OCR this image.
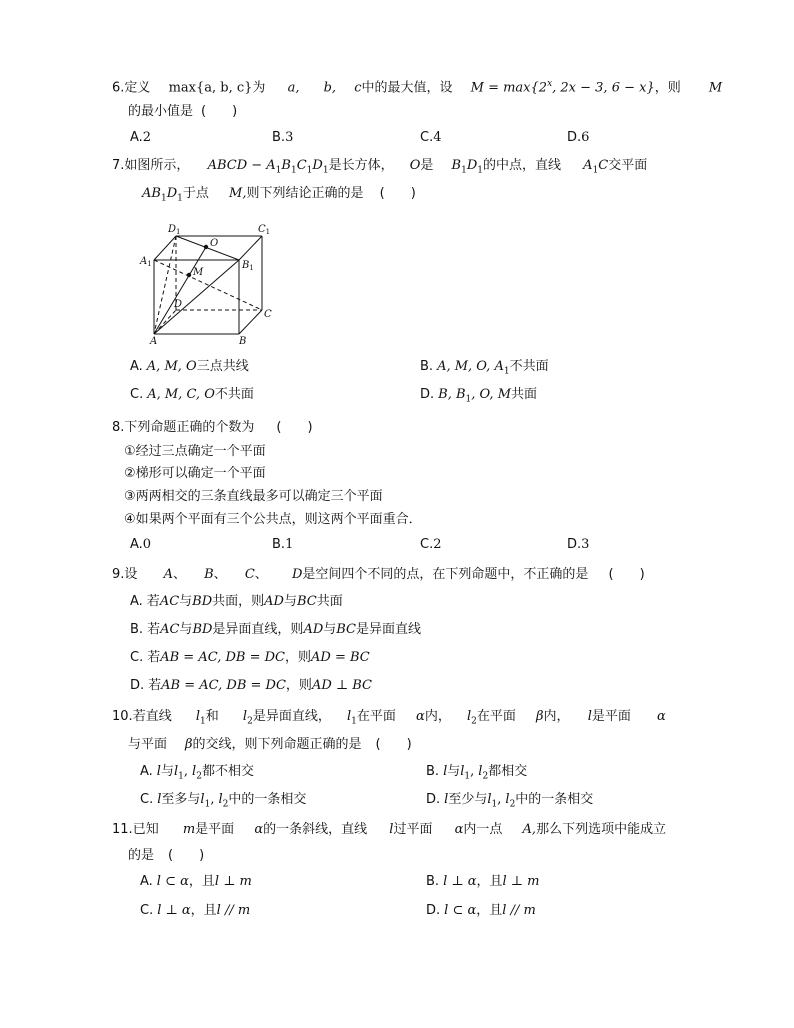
6.定义 max{a, b, c}为 a, b, c中的最大值，设 $M = \max\{2^x$, 2x − 3, 6 − x}，则 M
的最小值是 (　　)
A.2	B.3	C.4	D.6
7.如图所示， ABCD − $A_1B_1C_1D_1$是长方体， O是 $B_1D_1$的中点，直线 $A_1C$交平面
$AB_1D_1$于点 M,则下列结论正确的是 (　　)
$D_1$	$C_1$
$A_1$	$B_1$
O
M
D
C
A	B
A. A, M, O三点共线	B. A, M, O, $A_1$不共面
C. A, M, C, O不共面	D. B, $B_1$, O, M共面
8.下列命题正确的个数为 (　　)
①经过三点确定一个平面
②梯形可以确定一个平面
③两两相交的三条直线最多可以确定三个平面
④如果两个平面有三个公共点，则这两个平面重合．
A.0	B.1	C.2	D.3
9.设 A、 B、 C、 D是空间四个不同的点，在下列命题中，不正确的是 (　　)
A. 若AC与BD共面，则AD与BC共面
B. 若AC与BD是异面直线，则AD与BC是异面直线
C. 若AB = AC, DB = DC，则AD = BC
D. 若AB = AC, DB = DC，则AD ⊥ BC
10.若直线 $l_1$和 $l_2$是异面直线， $l_1$在平面 α内， $l_2$在平面 β内， l是平面 α
与平面 β的交线，则下列命题正确的是 (　　)
A. l与$l_1$, $l_2$都不相交	B. l与$l_1$, $l_2$都相交
C. l至多与$l_1$, $l_2$中的一条相交	D. l至少与$l_1$, $l_2$中的一条相交
11.已知 m是平面 α的一条斜线，直线 l过平面 α内一点 A,那么下列选项中能成立
的是 (　　)
A. l ⊂ α，且l ⊥ m	B. l ⊥ α，且l ⊥ m
C. l ⊥ α，且l // m	D. l ⊂ α，且l // m
